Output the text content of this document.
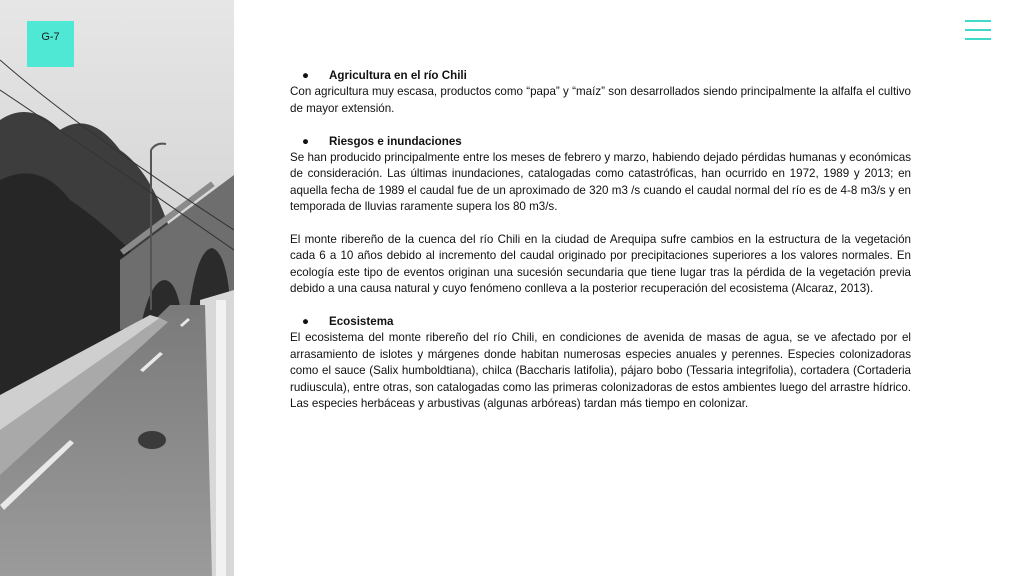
G-7
● Agricultura en el río Chili

Con agricultura muy escasa, productos como “papa” y “maíz” son desarrollados siendo principalmente la alfalfa el cultivo de mayor extensión.

● Riesgos e inundaciones

Se han producido principalmente entre los meses de febrero y marzo, habiendo dejado pérdidas humanas y económicas de consideración. Las últimas inundaciones, catalogadas como catastróficas, han ocurrido en 1972, 1989 y 2013; en aquella fecha de 1989 el caudal fue de un aproximado de 320 m3 /s cuando el caudal normal del río es de 4-8 m3/s y en temporada de lluvias raramente supera los 80 m3/s.

El monte ribereño de la cuenca del río Chili en la ciudad de Arequipa sufre cambios en la estructura de la vegetación cada 6 a 10 años debido al incremento del caudal originado por precipitaciones superiores a los valores normales. En ecología este tipo de eventos originan una sucesión secundaria que tiene lugar tras la pérdida de la vegetación previa debido a una causa natural y cuyo fenómeno conlleva a la posterior recuperación del ecosistema (Alcaraz, 2013).

● Ecosistema

El ecosistema del monte ribereño del río Chili, en condiciones de avenida de masas de agua, se ve afectado por el arrasamiento de islotes y márgenes donde habitan numerosas especies anuales y perennes. Especies colonizadoras como el sauce (Salix humboldtiana), chilca (Baccharis latifolia), pájaro bobo (Tessaria integrifolia), cortadera (Cortaderia rudiuscula), entre otras, son catalogadas como las primeras colonizadoras de estos ambientes luego del arrastre hídrico. Las especies herbáceas y arbustivas (algunas arbóreas) tardan más tiempo en colonizar.
